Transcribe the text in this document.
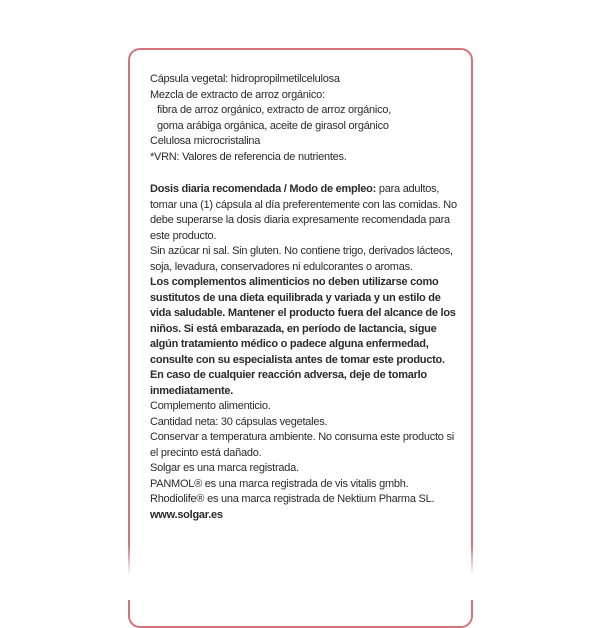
Cápsula vegetal: hidropropilmetilcelulosa
Mezcla de extracto de arroz orgánico:
fibra de arroz orgánico, extracto de arroz orgánico,
goma arábiga orgánica, aceite de girasol orgánico
Celulosa microcristalina
*VRN: Valores de referencia de nutrientes.

Dosis diaria recomendada / Modo de empleo: para adultos, tomar una (1) cápsula al día preferentemente con las comidas. No debe superarse la dosis diaria expresamente recomendada para este producto.

Sin azúcar ni sal. Sin gluten. No contiene trigo, derivados lácteos, soja, levadura, conservadores ni edulcorantes o aromas.

Los complementos alimenticios no deben utilizarse como sustitutos de una dieta equilibrada y variada y un estilo de vida saludable. Mantener el producto fuera del alcance de los niños. Si está embarazada, en período de lactancia, sigue algún tratamiento médico o padece alguna enfermedad, consulte con su especialista antes de tomar este producto. En caso de cualquier reacción adversa, deje de tomarlo inmediatamente.

Complemento alimenticio.

Cantidad neta: 30 cápsulas vegetales.

Conservar a temperatura ambiente. No consuma este producto si el precinto está dañado.

Solgar es una marca registrada.

PANMOL® es una marca registrada de vis vitalis gmbh.

Rhodiolife® es una marca registrada de Nektium Pharma SL.

www.solgar.es
